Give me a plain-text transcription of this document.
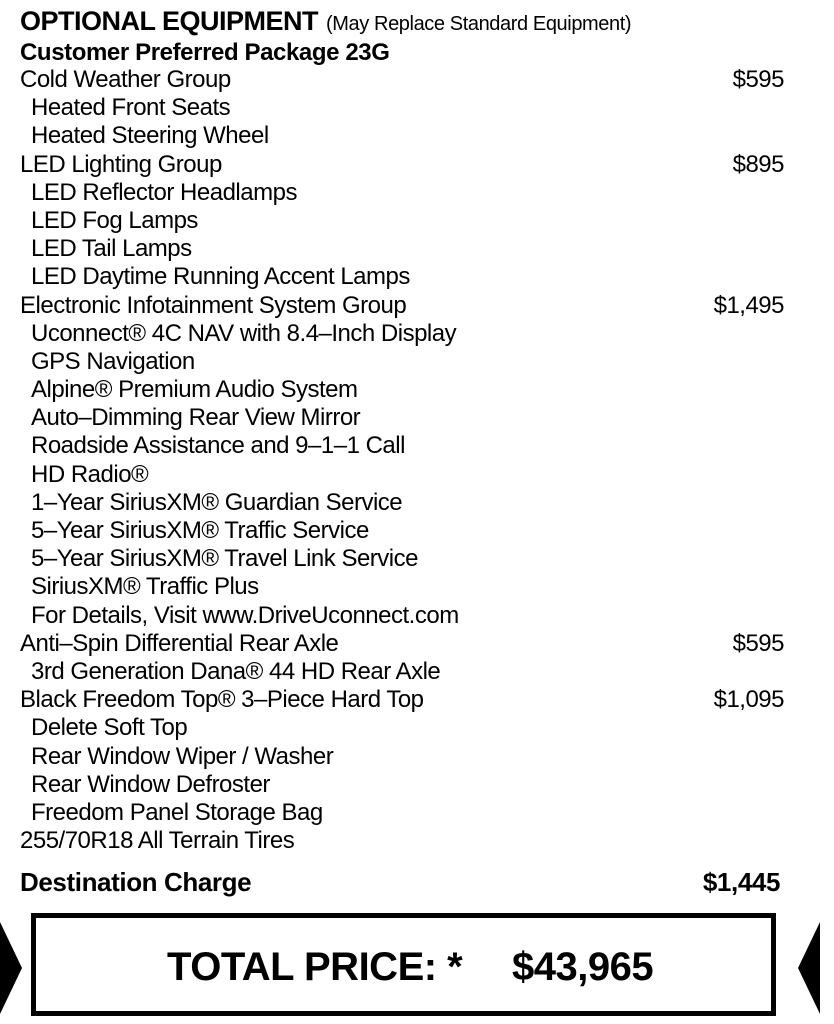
OPTIONAL EQUIPMENT (May Replace Standard Equipment)
Customer Preferred Package 23G
Cold Weather Group	$595
Heated Front Seats
Heated Steering Wheel
LED Lighting Group	$895
LED Reflector Headlamps
LED Fog Lamps
LED Tail Lamps
LED Daytime Running Accent Lamps
Electronic Infotainment System Group	$1,495
Uconnect® 4C NAV with 8.4–Inch Display
GPS Navigation
Alpine® Premium Audio System
Auto–Dimming Rear View Mirror
Roadside Assistance and 9–1–1 Call
HD Radio®
1–Year SiriusXM® Guardian Service
5–Year SiriusXM® Traffic Service
5–Year SiriusXM® Travel Link Service
SiriusXM® Traffic Plus
For Details, Visit www.DriveUconnect.com
Anti–Spin Differential Rear Axle	$595
3rd Generation Dana® 44 HD Rear Axle
Black Freedom Top® 3–Piece Hard Top	$1,095
Delete Soft Top
Rear Window Wiper / Washer
Rear Window Defroster
Freedom Panel Storage Bag
255/70R18 All Terrain Tires
Destination Charge	$1,445
TOTAL PRICE: * $43,965
